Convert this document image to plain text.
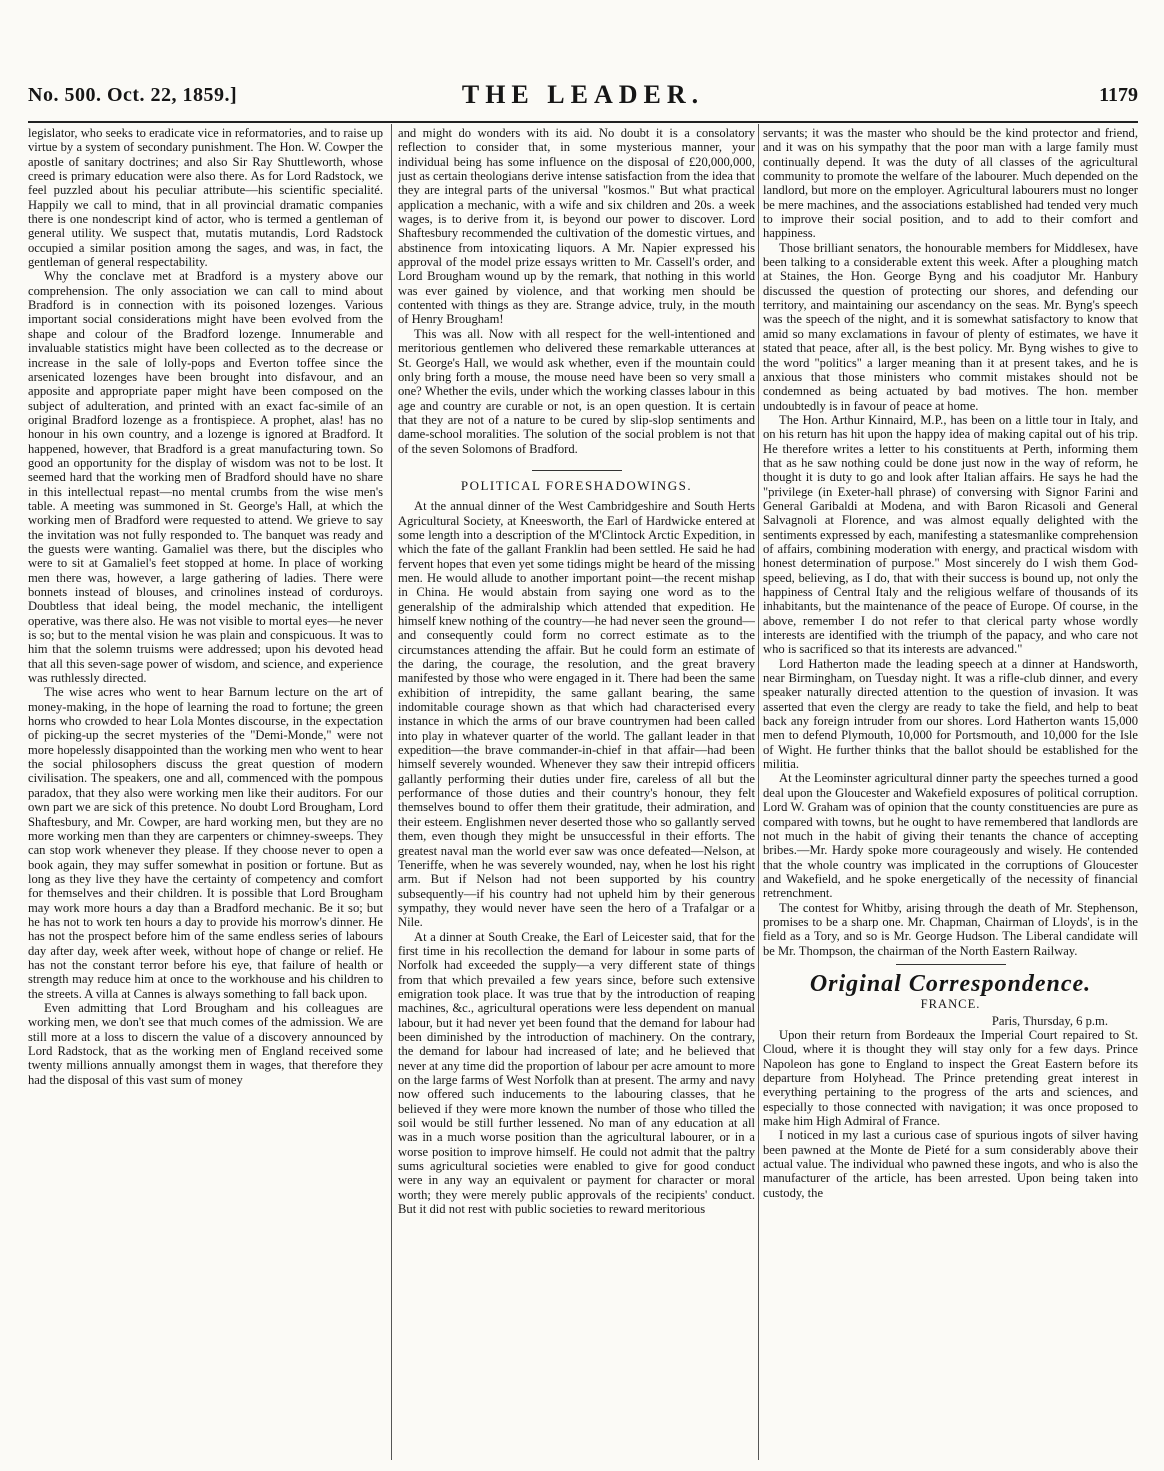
No. 500. Oct. 22, 1859.]	THE LEADER.	1179

legislator, who seeks to eradicate vice in reformatories, and to raise up virtue by a system of secondary punishment. The Hon. W. Cowper the apostle of sanitary doctrines; and also Sir Ray Shuttleworth, whose creed is primary education were also there. As for Lord Radstock, we feel puzzled about his peculiar attribute—his scientific specialité. Happily we call to mind, that in all provincial dramatic companies there is one nondescript kind of actor, who is termed a gentleman of general utility. We suspect that, mutatis mutandis, Lord Radstock occupied a similar position among the sages, and was, in fact, the gentleman of general respectability.

Why the conclave met at Bradford is a mystery above our comprehension. The only association we can call to mind about Bradford is in connection with its poisoned lozenges. Various important social considerations might have been evolved from the shape and colour of the Bradford lozenge. Innumerable and invaluable statistics might have been collected as to the decrease or increase in the sale of lolly-pops and Everton toffee since the arsenicated lozenges have been brought into disfavour, and an apposite and appropriate paper might have been composed on the subject of adulteration, and printed with an exact fac-simile of an original Bradford lozenge as a frontispiece. A prophet, alas! has no honour in his own country, and a lozenge is ignored at Bradford. It happened, however, that Bradford is a great manufacturing town. So good an opportunity for the display of wisdom was not to be lost. It seemed hard that the working men of Bradford should have no share in this intellectual repast—no mental crumbs from the wise men's table. A meeting was summoned in St. George's Hall, at which the working men of Bradford were requested to attend. We grieve to say the invitation was not fully responded to. The banquet was ready and the guests were wanting. Gamaliel was there, but the disciples who were to sit at Gamaliel's feet stopped at home. In place of working men there was, however, a large gathering of ladies. There were bonnets instead of blouses, and crinolines instead of corduroys. Doubtless that ideal being, the model mechanic, the intelligent operative, was there also. He was not visible to mortal eyes—he never is so; but to the mental vision he was plain and conspicuous. It was to him that the solemn truisms were addressed; upon his devoted head that all this seven-sage power of wisdom, and science, and experience was ruthlessly directed.

The wise acres who went to hear Barnum lecture on the art of money-making, in the hope of learning the road to fortune; the green horns who crowded to hear Lola Montes discourse, in the expectation of picking-up the secret mysteries of the "Demi-Monde," were not more hopelessly disappointed than the working men who went to hear the social philosophers discuss the great question of modern civilisation. The speakers, one and all, commenced with the pompous paradox, that they also were working men like their auditors. For our own part we are sick of this pretence. No doubt Lord Brougham, Lord Shaftesbury, and Mr. Cowper, are hard working men, but they are no more working men than they are carpenters or chimney-sweeps. They can stop work whenever they please. If they choose never to open a book again, they may suffer somewhat in position or fortune. But as long as they live they have the certainty of competency and comfort for themselves and their children. It is possible that Lord Brougham may work more hours a day than a Bradford mechanic. Be it so; but he has not to work ten hours a day to provide his morrow's dinner. He has not the prospect before him of the same endless series of labours day after day, week after week, without hope of change or relief. He has not the constant terror before his eye, that failure of health or strength may reduce him at once to the workhouse and his children to the streets. A villa at Cannes is always something to fall back upon.

Even admitting that Lord Brougham and his colleagues are working men, we don't see that much comes of the admission. We are still more at a loss to discern the value of a discovery announced by Lord Radstock, that as the working men of England received some twenty millions annually amongst them in wages, that therefore they had the disposal of this vast sum of money

and might do wonders with its aid. No doubt it is a consolatory reflection to consider that, in some mysterious manner, your individual being has some influence on the disposal of £20,000,000, just as certain theologians derive intense satisfaction from the idea that they are integral parts of the universal "kosmos." But what practical application a mechanic, with a wife and six children and 20s. a week wages, is to derive from it, is beyond our power to discover. Lord Shaftesbury recommended the cultivation of the domestic virtues, and abstinence from intoxicating liquors. A Mr. Napier expressed his approval of the model prize essays written to Mr. Cassell's order, and Lord Brougham wound up by the remark, that nothing in this world was ever gained by violence, and that working men should be contented with things as they are. Strange advice, truly, in the mouth of Henry Brougham!

This was all. Now with all respect for the well-intentioned and meritorious gentlemen who delivered these remarkable utterances at St. George's Hall, we would ask whether, even if the mountain could only bring forth a mouse, the mouse need have been so very small a one? Whether the evils, under which the working classes labour in this age and country are curable or not, is an open question. It is certain that they are not of a nature to be cured by slip-slop sentiments and dame-school moralities. The solution of the social problem is not that of the seven Solomons of Bradford.

POLITICAL FORESHADOWINGS.

At the annual dinner of the West Cambridgeshire and South Herts Agricultural Society, at Kneesworth, the Earl of Hardwicke entered at some length into a description of the M'Clintock Arctic Expedition, in which the fate of the gallant Franklin had been settled. He said he had fervent hopes that even yet some tidings might be heard of the missing men. He would allude to another important point—the recent mishap in China. He would abstain from saying one word as to the generalship of the admiralship which attended that expedition. He himself knew nothing of the country—he had never seen the ground—and consequently could form no correct estimate as to the circumstances attending the affair. But he could form an estimate of the daring, the courage, the resolution, and the great bravery manifested by those who were engaged in it. There had been the same exhibition of intrepidity, the same gallant bearing, the same indomitable courage shown as that which had characterised every instance in which the arms of our brave countrymen had been called into play in whatever quarter of the world. The gallant leader in that expedition—the brave commander-in-chief in that affair—had been himself severely wounded. Whenever they saw their intrepid officers gallantly performing their duties under fire, careless of all but the performance of those duties and their country's honour, they felt themselves bound to offer them their gratitude, their admiration, and their esteem. Englishmen never deserted those who so gallantly served them, even though they might be unsuccessful in their efforts. The greatest naval man the world ever saw was once defeated—Nelson, at Teneriffe, when he was severely wounded, nay, when he lost his right arm. But if Nelson had not been supported by his country subsequently—if his country had not upheld him by their generous sympathy, they would never have seen the hero of a Trafalgar or a Nile.

At a dinner at South Creake, the Earl of Leicester said, that for the first time in his recollection the demand for labour in some parts of Norfolk had exceeded the supply—a very different state of things from that which prevailed a few years since, before such extensive emigration took place. It was true that by the introduction of reaping machines, &c., agricultural operations were less dependent on manual labour, but it had never yet been found that the demand for labour had been diminished by the introduction of machinery. On the contrary, the demand for labour had increased of late; and he believed that never at any time did the proportion of labour per acre amount to more on the large farms of West Norfolk than at present. The army and navy now offered such inducements to the labouring classes, that he believed if they were more known the number of those who tilled the soil would be still further lessened. No man of any education at all was in a much worse position than the agricultural labourer, or in a worse position to improve himself. He could not admit that the paltry sums agricultural societies were enabled to give for good conduct were in any way an equivalent or payment for character or moral worth; they were merely public approvals of the recipients' conduct. But it did not rest with public societies to reward meritorious

servants; it was the master who should be the kind protector and friend, and it was on his sympathy that the poor man with a large family must continually depend. It was the duty of all classes of the agricultural community to promote the welfare of the labourer. Much depended on the landlord, but more on the employer. Agricultural labourers must no longer be mere machines, and the associations established had tended very much to improve their social position, and to add to their comfort and happiness.

Those brilliant senators, the honourable members for Middlesex, have been talking to a considerable extent this week. After a ploughing match at Staines, the Hon. George Byng and his coadjutor Mr. Hanbury discussed the question of protecting our shores, and defending our territory, and maintaining our ascendancy on the seas. Mr. Byng's speech was the speech of the night, and it is somewhat satisfactory to know that amid so many exclamations in favour of plenty of estimates, we have it stated that peace, after all, is the best policy. Mr. Byng wishes to give to the word "politics" a larger meaning than it at present takes, and he is anxious that those ministers who commit mistakes should not be condemned as being actuated by bad motives. The hon. member undoubtedly is in favour of peace at home.

The Hon. Arthur Kinnaird, M.P., has been on a little tour in Italy, and on his return has hit upon the happy idea of making capital out of his trip. He therefore writes a letter to his constituents at Perth, informing them that as he saw nothing could be done just now in the way of reform, he thought it is duty to go and look after Italian affairs. He says he had the "privilege (in Exeter-hall phrase) of conversing with Signor Farini and General Garibaldi at Modena, and with Baron Ricasoli and General Salvagnoli at Florence, and was almost equally delighted with the sentiments expressed by each, manifesting a statesmanlike comprehension of affairs, combining moderation with energy, and practical wisdom with honest determination of purpose." Most sincerely do I wish them God-speed, believing, as I do, that with their success is bound up, not only the happiness of Central Italy and the religious welfare of thousands of its inhabitants, but the maintenance of the peace of Europe. Of course, in the above, remember I do not refer to that clerical party whose wordly interests are identified with the triumph of the papacy, and who care not who is sacrificed so that its interests are advanced."

Lord Hatherton made the leading speech at a dinner at Handsworth, near Birmingham, on Tuesday night. It was a rifle-club dinner, and every speaker naturally directed attention to the question of invasion. It was asserted that even the clergy are ready to take the field, and help to beat back any foreign intruder from our shores. Lord Hatherton wants 15,000 men to defend Plymouth, 10,000 for Portsmouth, and 10,000 for the Isle of Wight. He further thinks that the ballot should be established for the militia.

At the Leominster agricultural dinner party the speeches turned a good deal upon the Gloucester and Wakefield exposures of political corruption. Lord W. Graham was of opinion that the county constituencies are pure as compared with towns, but he ought to have remembered that landlords are not much in the habit of giving their tenants the chance of accepting bribes.—Mr. Hardy spoke more courageously and wisely. He contended that the whole country was implicated in the corruptions of Gloucester and Wakefield, and he spoke energetically of the necessity of financial retrenchment.

The contest for Whitby, arising through the death of Mr. Stephenson, promises to be a sharp one. Mr. Chapman, Chairman of Lloyds', is in the field as a Tory, and so is Mr. George Hudson. The Liberal candidate will be Mr. Thompson, the chairman of the North Eastern Railway.

Original Correspondence.
FRANCE.
Paris, Thursday, 6 p.m.

Upon their return from Bordeaux the Imperial Court repaired to St. Cloud, where it is thought they will stay only for a few days. Prince Napoleon has gone to England to inspect the Great Eastern before its departure from Holyhead. The Prince pretending great interest in everything pertaining to the progress of the arts and sciences, and especially to those connected with navigation; it was once proposed to make him High Admiral of France.

I noticed in my last a curious case of spurious ingots of silver having been pawned at the Monte de Pieté for a sum considerably above their actual value. The individual who pawned these ingots, and who is also the manufacturer of the article, has been arrested. Upon being taken into custody, the
